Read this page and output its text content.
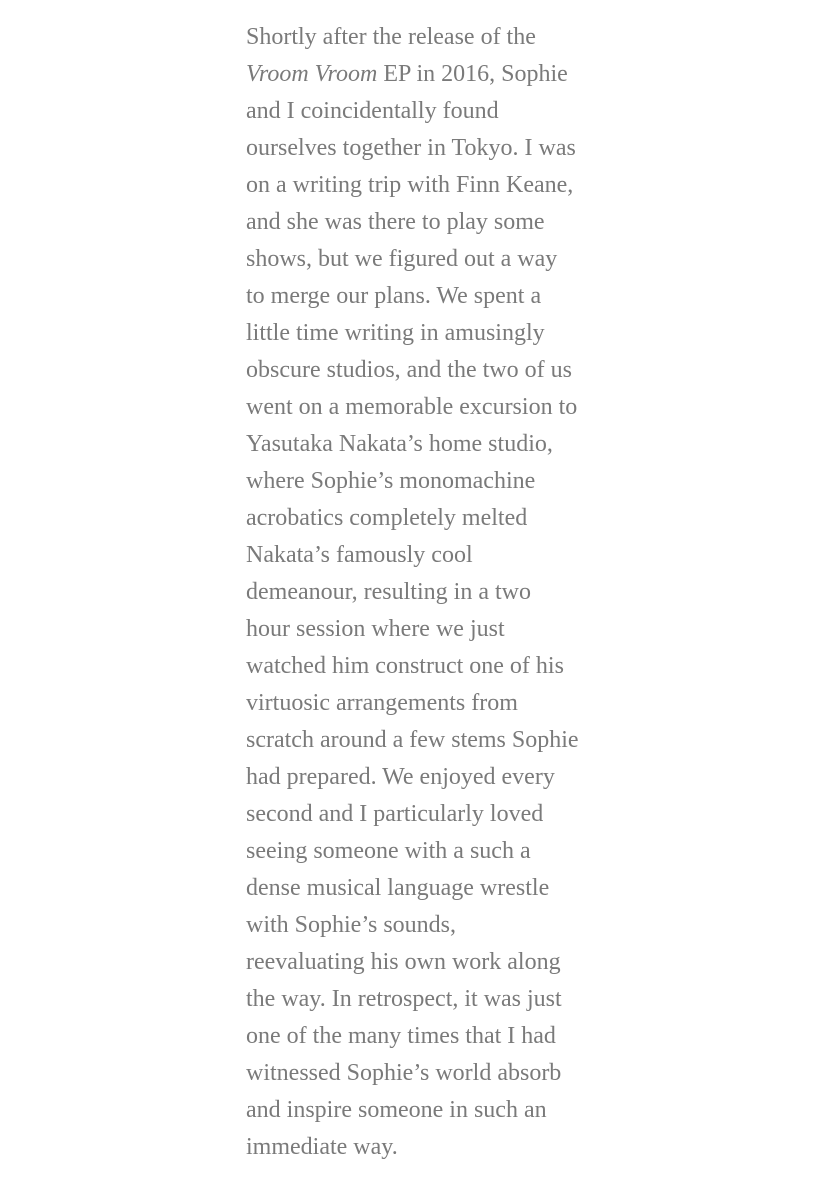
Shortly after the release of the
Vroom Vroom EP in 2016, Sophie
and I coincidentally found
ourselves together in Tokyo. I was
on a writing trip with Finn Keane,
and she was there to play some
shows, but we figured out a way
to merge our plans. We spent a
little time writing in amusingly
obscure studios, and the two of us
went on a memorable excursion to
Yasutaka Nakata’s home studio,
where Sophie’s monomachine
acrobatics completely melted
Nakata’s famously cool
demeanour, resulting in a two
hour session where we just
watched him construct one of his
virtuosic arrangements from
scratch around a few stems Sophie
had prepared. We enjoyed every
second and I particularly loved
seeing someone with a such a
dense musical language wrestle
with Sophie’s sounds,
reevaluating his own work along
the way. In retrospect, it was just
one of the many times that I had
witnessed Sophie’s world absorb
and inspire someone in such an
immediate way.
